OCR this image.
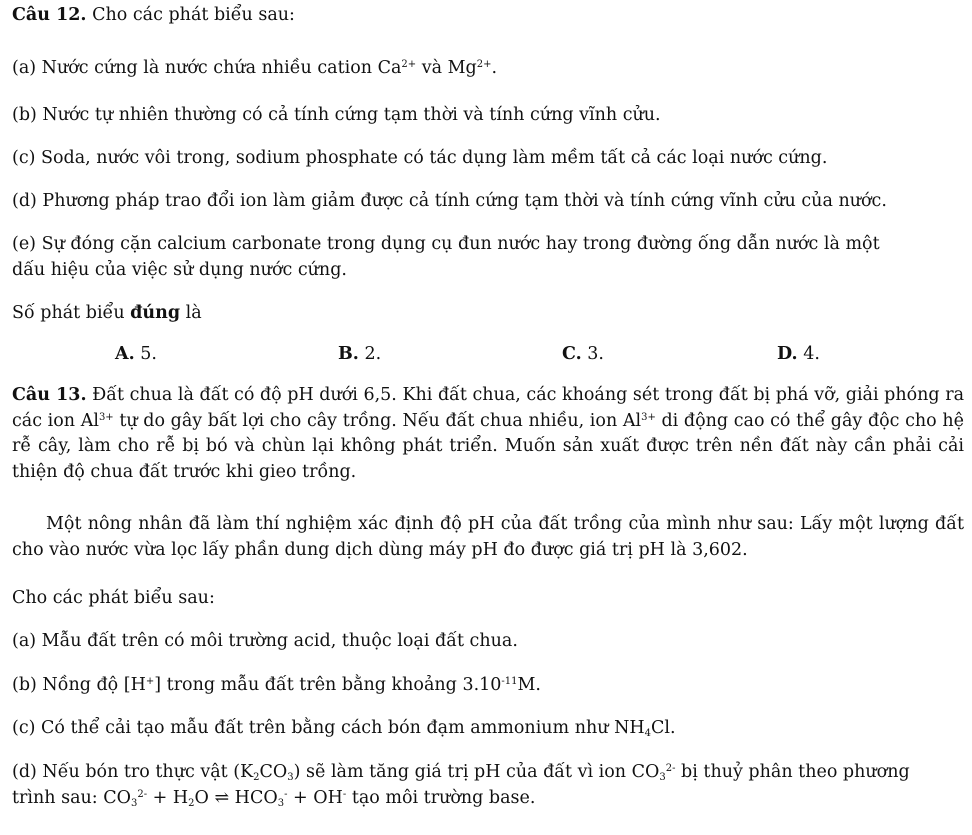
Câu 12. Cho các phát biểu sau:
(a) Nước cứng là nước chứa nhiều cation $Ca^{2+}$ và $Mg^{2+}$.
(b) Nước tự nhiên thường có cả tính cứng tạm thời và tính cứng vĩnh cửu.
(c) Soda, nước vôi trong, sodium phosphate có tác dụng làm mềm tất cả các loại nước cứng.
(d) Phương pháp trao đổi ion làm giảm được cả tính cứng tạm thời và tính cứng vĩnh cửu của nước.
(e) Sự đóng cặn calcium carbonate trong dụng cụ đun nước hay trong đường ống dẫn nước là một
dấu hiệu của việc sử dụng nước cứng.
Số phát biểu đúng là
A. 5.	B. 2.	C. 3.	D. 4.
Câu 13. Đất chua là đất có độ pH dưới 6,5. Khi đất chua, các khoáng sét trong đất bị phá vỡ, giải phóng ra các ion $Al^{3+}$ tự do gây bất lợi cho cây trồng. Nếu đất chua nhiều, ion $Al^{3+}$ di động cao có thể gây độc cho hệ rễ cây, làm cho rễ bị bó và chùn lại không phát triển. Muốn sản xuất được trên nền đất này cần phải cải thiện độ chua đất trước khi gieo trồng.
Một nông nhân đã làm thí nghiệm xác định độ pH của đất trồng của mình như sau: Lấy một lượng đất cho vào nước vừa lọc lấy phần dung dịch dùng máy pH đo được giá trị pH là 3,602.
Cho các phát biểu sau:
(a) Mẫu đất trên có môi trường acid, thuộc loại đất chua.
(b) Nồng độ [H+] trong mẫu đất trên bằng khoảng $3.10^{-11}M$.
(c) Có thể cải tạo mẫu đất trên bằng cách bón đạm ammonium như $NH_4Cl$.
(d) Nếu bón tro thực vật $(K_2CO_3)$ sẽ làm tăng giá trị pH của đất vì ion $CO_3^{2-}$ bị thuỷ phân theo phương
trình sau: $CO_3^{2-} + H_2O$ ⇌ $HCO_3^- + OH^-$ tạo môi trường base.
